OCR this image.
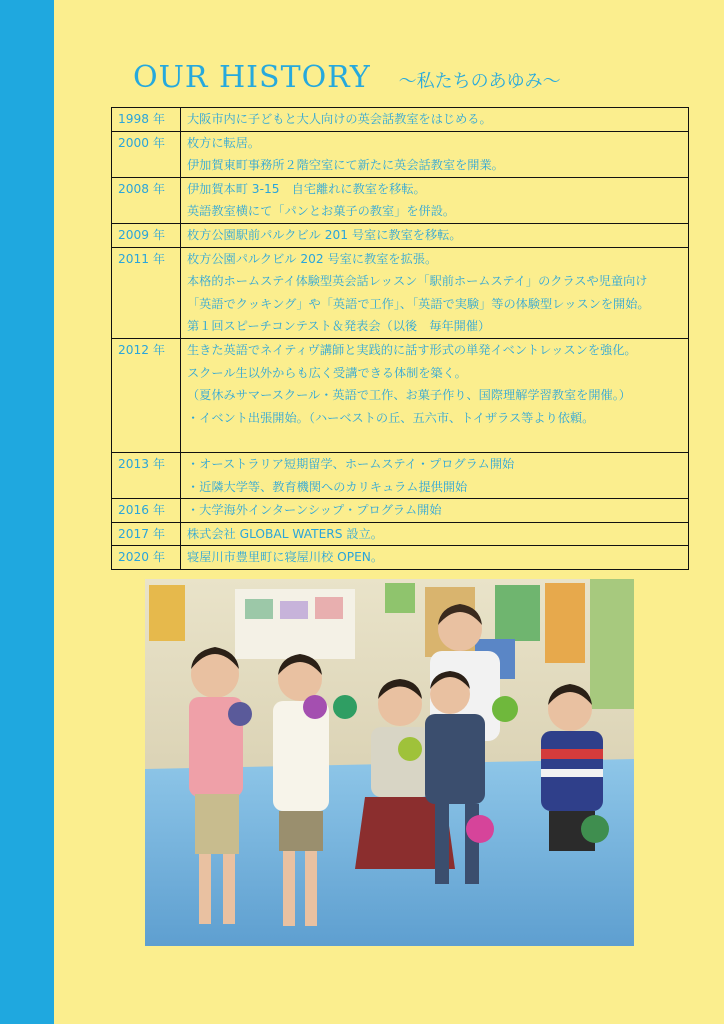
OUR HISTORY ～私たちのあゆみ～
1998 年	大阪市内に子どもと大人向けの英会話教室をはじめる。

2000 年	枚方に転居。
伊加賀東町事務所２階空室にて新たに英会話教室を開業。

2008 年	伊加賀本町 3-15　自宅離れに教室を移転。
英語教室横にて「パンとお菓子の教室」を併設。

2009 年	枚方公園駅前パルクビル 201 号室に教室を移転。

2011 年	枚方公園パルクビル 202 号室に教室を拡張。
本格的ホームステイ体験型英会話レッスン「駅前ホームステイ」のクラスや児童向け
「英語でクッキング」や「英語で工作」、「英語で実験」等の体験型レッスンを開始。
第１回スピーチコンテスト＆発表会（以後　毎年開催）

2012 年	生きた英語でネイティヴ講師と実践的に話す形式の単発イベントレッスンを強化。
スクール生以外からも広く受講できる体制を築く。
（夏休みサマースクール・英語で工作、お菓子作り、国際理解学習教室を開催。）
・イベント出張開始。（ハーベストの丘、五六市、トイザラス等より依頼。

2013 年	・オーストラリア短期留学、ホームステイ・プログラム開始
・近隣大学等、教育機関へのカリキュラム提供開始

2016 年	・大学海外インターンシップ・プログラム開始

2017 年	株式会社 GLOBAL WATERS 設立。

2020 年	寝屋川市豊里町に寝屋川校 OPEN。
